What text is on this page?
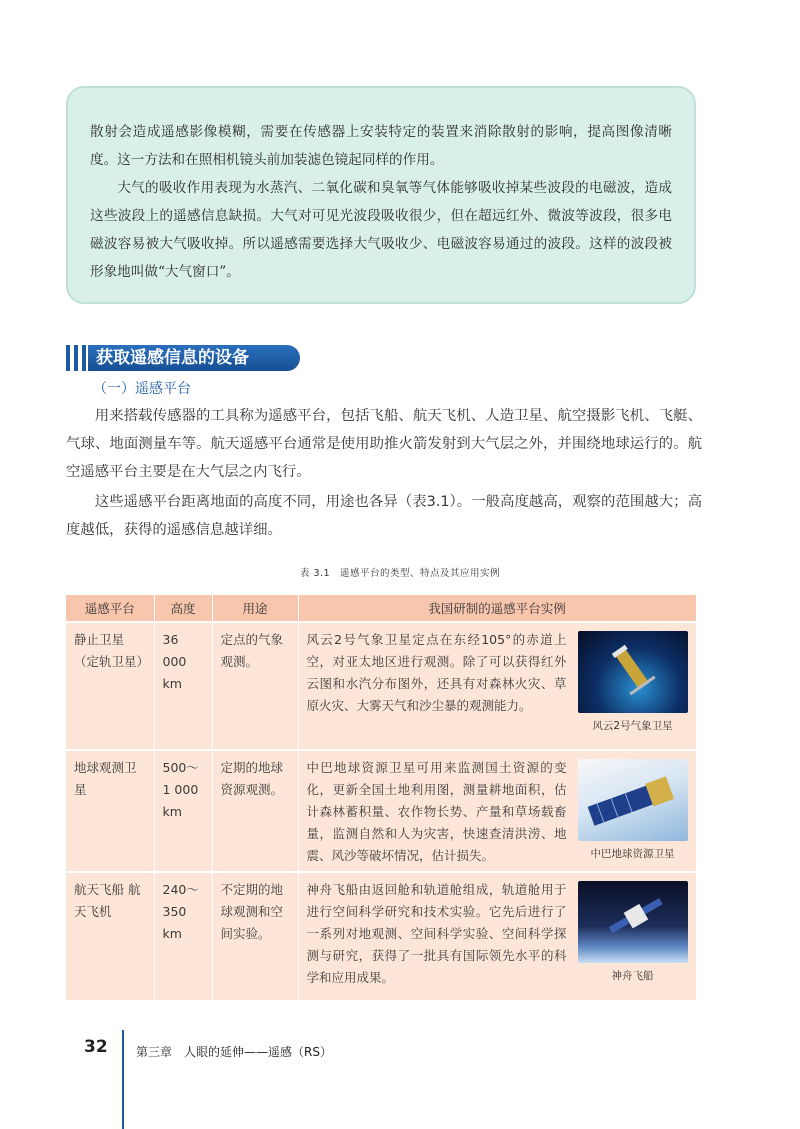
散射会造成遥感影像模糊，需要在传感器上安装特定的装置来消除散射的影响，提高图像清晰度。这一方法和在照相机镜头前加装滤色镜起同样的作用。

大气的吸收作用表现为水蒸汽、二氧化碳和臭氧等气体能够吸收掉某些波段的电磁波，造成这些波段上的遥感信息缺损。大气对可见光波段吸收很少，但在超远红外、微波等波段，很多电磁波容易被大气吸收掉。所以遥感需要选择大气吸收少、电磁波容易通过的波段。这样的波段被形象地叫做“大气窗口”。

获取遥感信息的设备
（一）遥感平台

用来搭载传感器的工具称为遥感平台，包括飞船、航天飞机、人造卫星、航空摄影飞机、飞艇、气球、地面测量车等。航天遥感平台通常是使用助推火箭发射到大气层之外，并围绕地球运行的。航空遥感平台主要是在大气层之内飞行。

这些遥感平台距离地面的高度不同，用途也各异（表3.1）。一般高度越高，观察的范围越大；高度越低，获得的遥感信息越详细。

表 3.1　遥感平台的类型、特点及其应用实例
遥感平台	高度	用途	我国研制的遥感平台实例
静止卫星（定轨卫星）	36 000 km	定点的气象观测。	风云2号气象卫星定点在东经105°的赤道上空，对亚太地区进行观测。除了可以获得红外云图和水汽分布图外，还具有对森林火灾、草原火灾、大雾天气和沙尘暴的观测能力。
风云2号气象卫星

地球观测卫星	500～1 000 km	定期的地球资源观测。	中巴地球资源卫星可用来监测国土资源的变化，更新全国土地利用图，测量耕地面积，估计森林蓄积量、农作物长势、产量和草场载畜量，监测自然和人为灾害，快速查清洪涝、地震、风沙等破坏情况，估计损失。 中巴地球资源卫星

航天飞船 航天飞机	240～350 km	不定期的地球观测和空间实验。	神舟飞船由返回舱和轨道舱组成，轨道舱用于进行空间科学研究和技术实验。它先后进行了一系列对地观测、空间科学实验、空间科学探测与研究，获得了一批具有国际领先水平的科学和应用成果。 神舟飞船
32 第三章　人眼的延伸——遥感（RS）
